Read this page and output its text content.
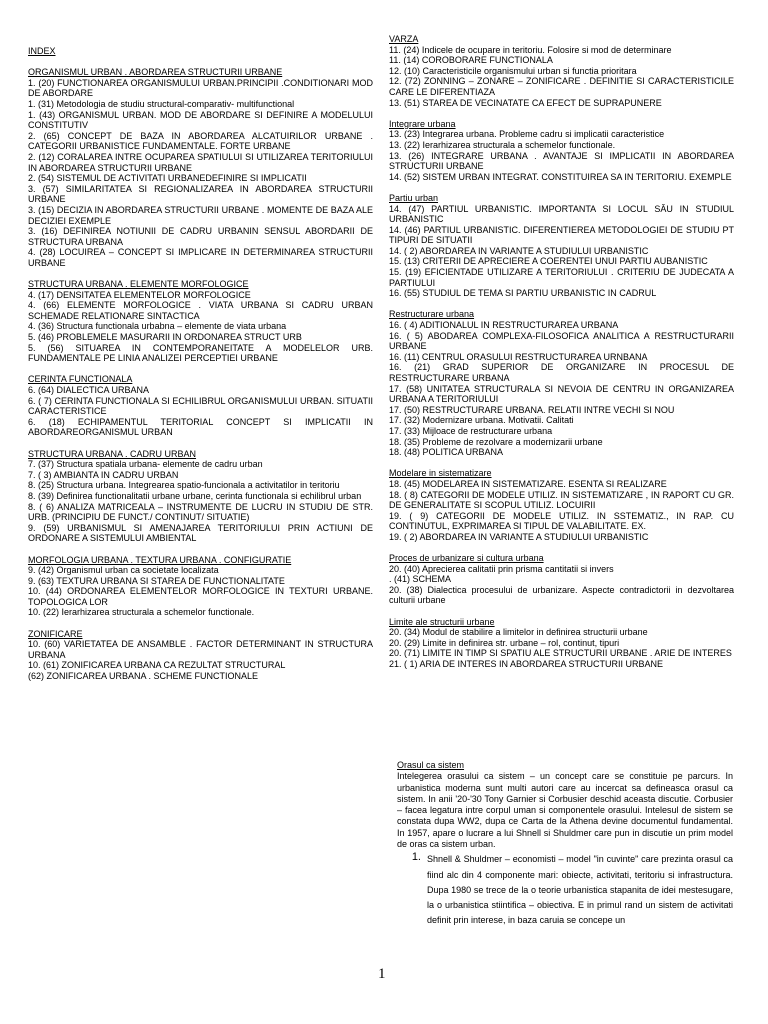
INDEX
ORGANISMUL URBAN . ABORDAREA STRUCTURII URBANE
1. (20) FUNCTIONAREA ORGANISMULUI URBAN.PRINCIPII .CONDITIONARI MOD DE ABORDARE
1. (31) Metodologia de studiu structural-comparativ- multifunctional
1. (43) ORGANISMUL URBAN. MOD DE ABORDARE SI DEFINIRE A MODELULUI CONSTITUTIV
2. (65) CONCEPT DE BAZA IN ABORDAREA ALCATUIRILOR URBANE . CATEGORII URBANISTICE FUNDAMENTALE. FORTE URBANE
2. (12) CORALAREA INTRE OCUPAREA SPATIULUI SI UTILIZAREA TERITORIULUI IN ABORDAREA STRUCTURII URBANE
2. (54) SISTEMUL DE ACTIVITATI URBANEDEFINIRE SI IMPLICATII
3. (57) SIMILARITATEA SI REGIONALIZAREA IN ABORDAREA STRUCTURII URBANE
3. (15) DECIZIA IN ABORDAREA STRUCTURII URBANE . MOMENTE DE BAZA ALE DECIZIEI EXEMPLE
3. (16) DEFINIREA NOTIUNII DE CADRU URBANIN SENSUL ABORDARII DE STRUCTURA URBANA
4. (28) LOCUIREA – CONCEPT SI IMPLICARE IN DETERMINAREA STRUCTURII URBANE
STRUCTURA URBANA . ELEMENTE MORFOLOGICE
4. (17) DENSITATEA ELEMENTELOR MORFOLOGICE
4. (66) ELEMENTE MORFOLOGICE . VIATA URBANA SI CADRU URBAN SCHEMADE RELATIONARE SINTACTICA
4. (36) Structura functionala urbabna – elemente de viata urbana
5. (46) PROBLEMELE MASURARII IN ORDONAREA STRUCT URB
5. (56) SITUAREA IN CONTEMPORANEITATE A MODELELOR URB. FUNDAMENTALE PE LINIA ANALIZEI PERCEPTIEI URBANE
CERINTA FUNCTIONALA
6. (64) DIALECTICA URBANA
6. ( 7) CERINTA FUNCTIONALA SI ECHILIBRUL ORGANISMULUI URBAN. SITUATII CARACTERISTICE
6. (18) ECHIPAMENTUL TERITORIAL CONCEPT SI IMPLICATII IN ABORDAREORGANISMUL URBAN
STRUCTURA URBANA . CADRU URBAN
7. (37) Structura spatiala urbana- elemente de cadru urban
7. ( 3) AMBIANTA IN CADRU URBAN
8. (25) Structura urbana. Integrearea spatio-funcionala a activitatilor in teritoriu
8. (39) Definirea functionalitatii urbane urbane, cerinta functionala si echilibrul urban
8. ( 6) ANALIZA MATRICEALA – INSTRUMENTE DE LUCRU IN STUDIU DE STR. URB. (PRINCIPIU DE FUNCT./ CONTINUT/ SITUATIE)
9. (59) URBANISMUL SI AMENAJAREA TERITORIULUI PRIN ACTIUNI DE ORDONARE A SISTEMULUI AMBIENTAL
MORFOLOGIA URBANA . TEXTURA URBANA . CONFIGURATIE
9. (42) Organismul urban ca societate localizata
9. (63) TEXTURA URBANA SI STAREA DE FUNCTIONALITATE
10. (44) ORDONAREA ELEMENTELOR MORFOLOGICE IN TEXTURI URBANE. TOPOLOGICA LOR
10. (22) Ierarhizarea structurala a schemelor functionale.
ZONIFICARE
10. (60) VARIETATEA DE ANSAMBLE . FACTOR DETERMINANT IN STRUCTURA URBANA
10. (61) ZONIFICAREA URBANA CA REZULTAT STRUCTURAL
(62) ZONIFICAREA URBANA . SCHEME FUNCTIONALE
VARZA
11. (24) Indicele de ocupare in teritoriu. Folosire si mod de determinare
11. (14) COROBORARE FUNCTIONALA
12. (10) Caracteristicile organismului urban si functia prioritara
12. (72) ZONNING – ZONARE – ZONIFICARE . DEFINITIE SI CARACTERISTICILE CARE LE DIFERENTIAZA
13. (51) STAREA DE VECINATATE CA EFECT DE SUPRAPUNERE
Integrare urbana
13. (23) Integrarea urbana. Probleme cadru si implicatii caracteristice
13. (22) Ierarhizarea structurala a schemelor functionale.
13. (26) INTEGRARE URBANA . AVANTAJE SI IMPLICATII IN ABORDAREA STRUCTURII URBANE
14. (52) SISTEM URBAN INTEGRAT. CONSTITUIREA SA IN TERITORIU. EXEMPLE
Partiu urban
14. (47) PARTIUL URBANISTIC. IMPORTANTA SI LOCUL SĂU IN STUDIUL URBANISTIC
14. (46) PARTIUL URBANISTIC. DIFERENTIEREA METODOLOGIEI DE STUDIU PT TIPURI DE SITUATII
14. ( 2) ABORDAREA IN VARIANTE A STUDIULUI URBANISTIC
15. (13) CRITERII DE APRECIERE A COERENTEI UNUI PARTIU AUBANISTIC
15. (19) EFICIENTADE UTILIZARE A TERITORIULUI . CRITERIU DE JUDECATA A PARTIULUI
16. (55) STUDIUL DE TEMA SI PARTIU URBANISTIC IN CADRUL
Restructurare urbana
16. ( 4) ADITIONALUL IN RESTRUCTURAREA URBANA
16. ( 5) ABODAREA COMPLEXA-FILOSOFICA ANALITICA A RESTRUCTURARII URBANE
16. (11) CENTRUL ORASULUI RESTRUCTURAREA URNBANA
16. (21) GRAD SUPERIOR DE ORGANIZARE IN PROCESUL DE RESTRUCTURARE URBANA
17. (58) UNITATEA STRUCTURALA SI NEVOIA DE CENTRU IN ORGANIZAREA URBANA A TERITORIULUI
17. (50) RESTRUCTURARE URBANA. RELATII INTRE VECHI SI NOU
17. (32) Modernizare urbana. Motivatii. Calitati
17. (33) Mijloace de restructurare urbana
18. (35) Probleme de rezolvare a modernizarii urbane
18. (48) POLITICA URBANA
Modelare in sistematizare
18. (45) MODELAREA IN SISTEMATIZARE. ESENTA SI REALIZARE
18. ( 8) CATEGORII DE MODELE UTILIZ. IN SISTEMATIZARE , IN RAPORT CU GR. DE GENERALITATE SI SCOPUL UTILIZ. LOCUIRII
19. ( 9) CATEGORII DE MODELE UTILIZ. IN SSTEMATIZ., IN RAP. CU CONTINUTUL, EXPRIMAREA SI TIPUL DE VALABILITATE. EX.
19. ( 2) ABORDAREA IN VARIANTE A STUDIULUI URBANISTIC
Proces de urbanizare si cultura urbana
20. (40) Aprecierea calitatii prin prisma cantitatii si invers
. (41) SCHEMA
20. (38) Dialectica procesului de urbanizare. Aspecte contradictorii in dezvoltarea culturii urbane
Limite ale structurii urbane
20. (34) Modul de stabilire a limitelor in definirea structurii urbane
20. (29) Limite in definirea str. urbane – rol, continut, tipuri
20. (71) LIMITE IN TIMP SI SPATIU ALE STRUCTURII URBANE . ARIE DE INTERES
21. ( 1) ARIA DE INTERES IN ABORDAREA STRUCTURII URBANE
Orasul ca sistem

Intelegerea orasului ca sistem – un concept care se constituie pe parcurs. In urbanistica moderna sunt multi autori care au incercat sa defineasca orasul ca sistem. In anii '20-'30 Tony Garnier si Corbusier deschid aceasta discutie. Corbusier – facea legatura intre corpul uman si componentele orasului. Intelesul de sistem se constata dupa WW2, dupa ce Carta de la Athena devine documentul fundamental. In 1957, apare o lucrare a lui Shnell si Shuldmer care pun in discutie un prim model de oras ca sistem urban.

1. Shnell & Shuldmer – economisti – model "in cuvinte" care prezinta orasul ca fiind alc din 4 componente mari: obiecte, activitati, teritoriu si infrastructura. Dupa 1980 se trece de la o teorie urbanistica stapanita de idei mestesugare, la o urbanistica stiintifica – obiectiva. E in primul rand un sistem de activitati definit prin interese, in baza caruia se concepe un
1
